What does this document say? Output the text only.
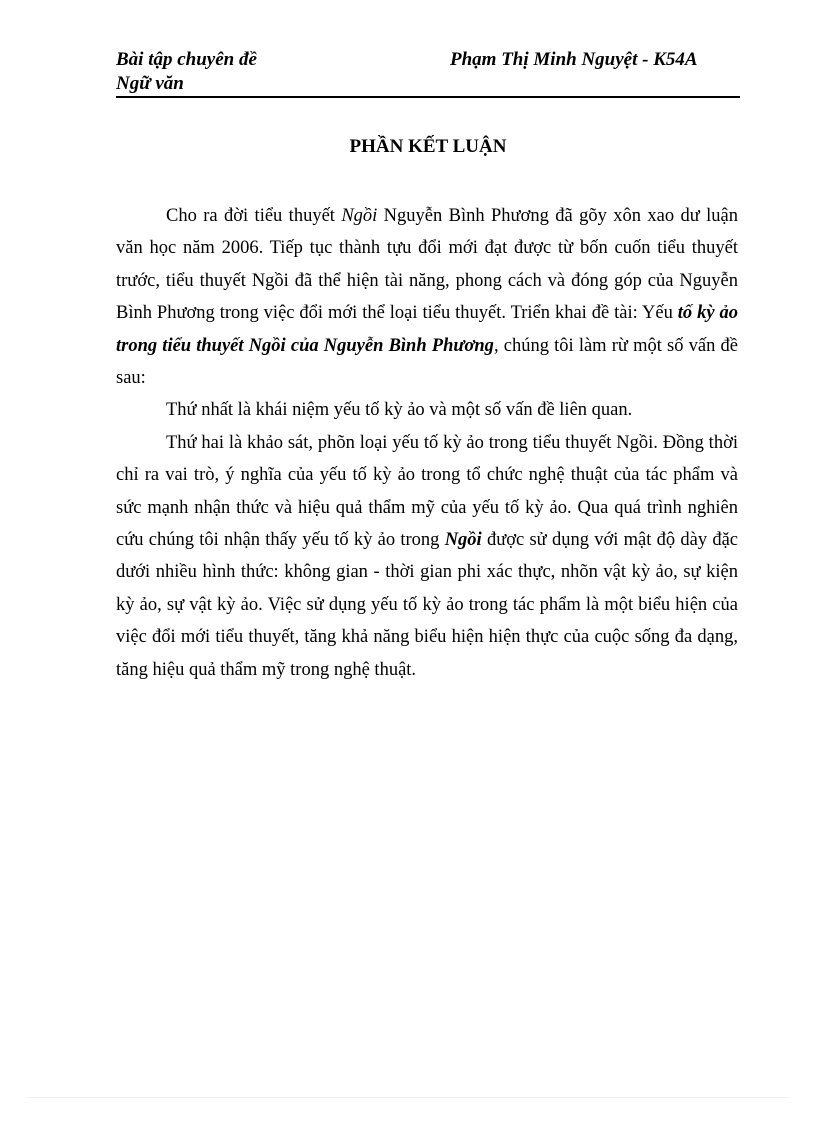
Bài tập chuyên đề
Ngữ văn
Phạm Thị Minh Nguyệt - K54A
PHẦN KẾT LUẬN

Cho ra đời tiểu thuyết Ngồi Nguyễn Bình Phương đã gõy xôn xao dư luận văn học năm 2006. Tiếp tục thành tựu đổi mới đạt được từ bốn cuốn tiểu thuyết trước, tiểu thuyết Ngồi đã thể hiện tài năng, phong cách và đóng góp của Nguyễn Bình Phương trong việc đổi mới thể loại tiểu thuyết. Triển khai đề tài: Yếu tố kỳ ảo trong tiểu thuyết Ngồi của Nguyễn Bình Phương, chúng tôi làm rừ một số vấn đề sau:

Thứ nhất là khái niệm yếu tố kỳ ảo và một số vấn đề liên quan.

Thứ hai là khảo sát, phõn loại yếu tố kỳ ảo trong tiểu thuyết Ngồi. Đồng thời chỉ ra vai trò, ý nghĩa của yếu tố kỳ ảo trong tổ chức nghệ thuật của tác phẩm và sức mạnh nhận thức và hiệu quả thẩm mỹ của yếu tố kỳ ảo. Qua quá trình nghiên cứu chúng tôi nhận thấy yếu tố kỳ ảo trong Ngồi được sử dụng với mật độ dày đặc dưới nhiều hình thức: không gian - thời gian phi xác thực, nhõn vật kỳ ảo, sự kiện kỳ ảo, sự vật kỳ ảo. Việc sử dụng yếu tố kỳ ảo trong tác phẩm là một biểu hiện của việc đổi mới tiểu thuyết, tăng khả năng biểu hiện hiện thực của cuộc sống đa dạng, tăng hiệu quả thẩm mỹ trong nghệ thuật.
